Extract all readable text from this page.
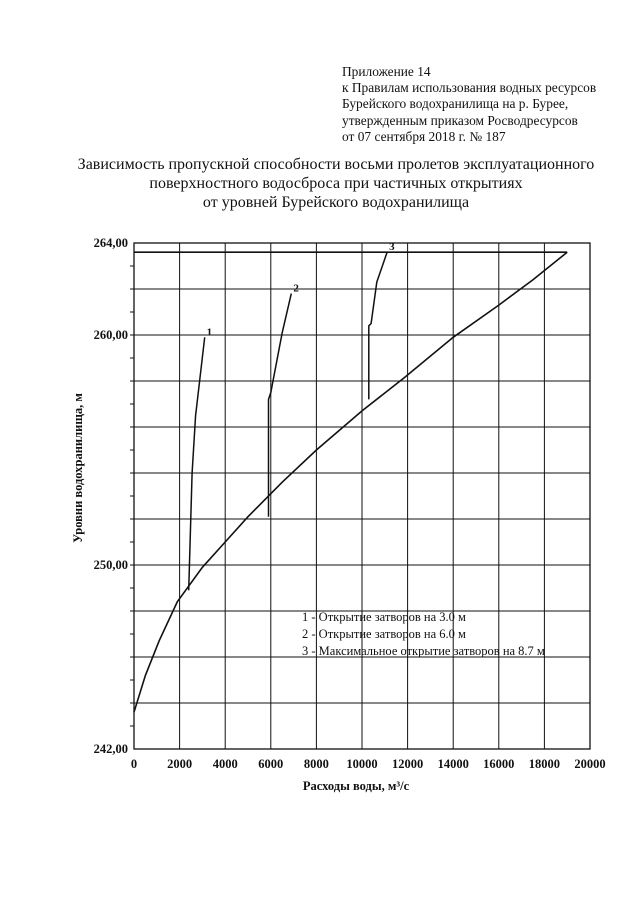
Приложение 14
к Правилам использования водных ресурсов
Бурейского водохранилища на р. Бурее,
утвержденным приказом Росводресурсов
от 07 сентября 2018 г. № 187
Зависимость пропускной способности восьми пролетов эксплуатационного
поверхностного водосброса при частичных открытиях
от уровней Бурейского водохранилища
1
2
3
0 2000 4000 6000 8000 10000 12000 14000 16000 18000 20000
242,00
250,00
260,00
264,00
1 - Открытие затворов на 3.0 м
2 - Открытие затворов на 6.0 м
3 - Максимальное открытие затворов на 8.7 м
Расходы воды, м³/с
Уровни водохранилища, м
